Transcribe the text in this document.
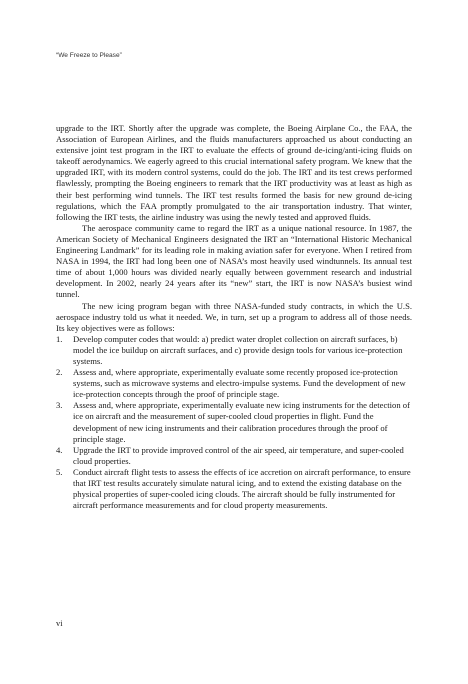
“We Freeze to Please”

upgrade to the IRT. Shortly after the upgrade was complete, the Boeing Airplane Co., the FAA, the Association of European Airlines, and the fluids manufacturers approached us about conducting an extensive joint test program in the IRT to evaluate the effects of ground de-icing/anti-icing fluids on takeoff aerodynamics. We eagerly agreed to this crucial international safety program. We knew that the upgraded IRT, with its modern control systems, could do the job. The IRT and its test crews performed flawlessly, prompting the Boeing engineers to remark that the IRT productivity was at least as high as their best performing wind tunnels. The IRT test results formed the basis for new ground de-icing regulations, which the FAA promptly promulgated to the air transportation industry. That winter, following the IRT tests, the airline industry was using the newly tested and approved fluids.

The aerospace community came to regard the IRT as a unique national resource. In 1987, the American Society of Mechanical Engineers designated the IRT an “International Historic Mechanical Engineering Landmark” for its leading role in making aviation safer for everyone. When I retired from NASA in 1994, the IRT had long been one of NASA’s most heavily used windtunnels. Its annual test time of about 1,000 hours was divided nearly equally between government research and industrial development. In 2002, nearly 24 years after its “new” start, the IRT is now NASA’s busiest wind tunnel.

The new icing program began with three NASA-funded study contracts, in which the U.S. aerospace industry told us what it needed. We, in turn, set up a program to address all of those needs. Its key objectives were as follows:

1. Develop computer codes that would: a) predict water droplet collection on aircraft surfaces, b) model the ice buildup on aircraft surfaces, and c) provide design tools for various ice-protection systems.
2. Assess and, where appropriate, experimentally evaluate some recently proposed ice-protection systems, such as microwave systems and electro-impulse systems. Fund the development of new ice-protection concepts through the proof of principle stage.
3. Assess and, where appropriate, experimentally evaluate new icing instruments for the detection of ice on aircraft and the measurement of super-cooled cloud properties in flight. Fund the development of new icing instruments and their calibration procedures through the proof of principle stage.
4. Upgrade the IRT to provide improved control of the air speed, air temperature, and super-cooled cloud properties.
5. Conduct aircraft flight tests to assess the effects of ice accretion on aircraft performance, to ensure that IRT test results accurately simulate natural icing, and to extend the existing database on the physical properties of super-cooled icing clouds. The aircraft should be fully instrumented for aircraft performance measurements and for cloud property measurements.
vi
